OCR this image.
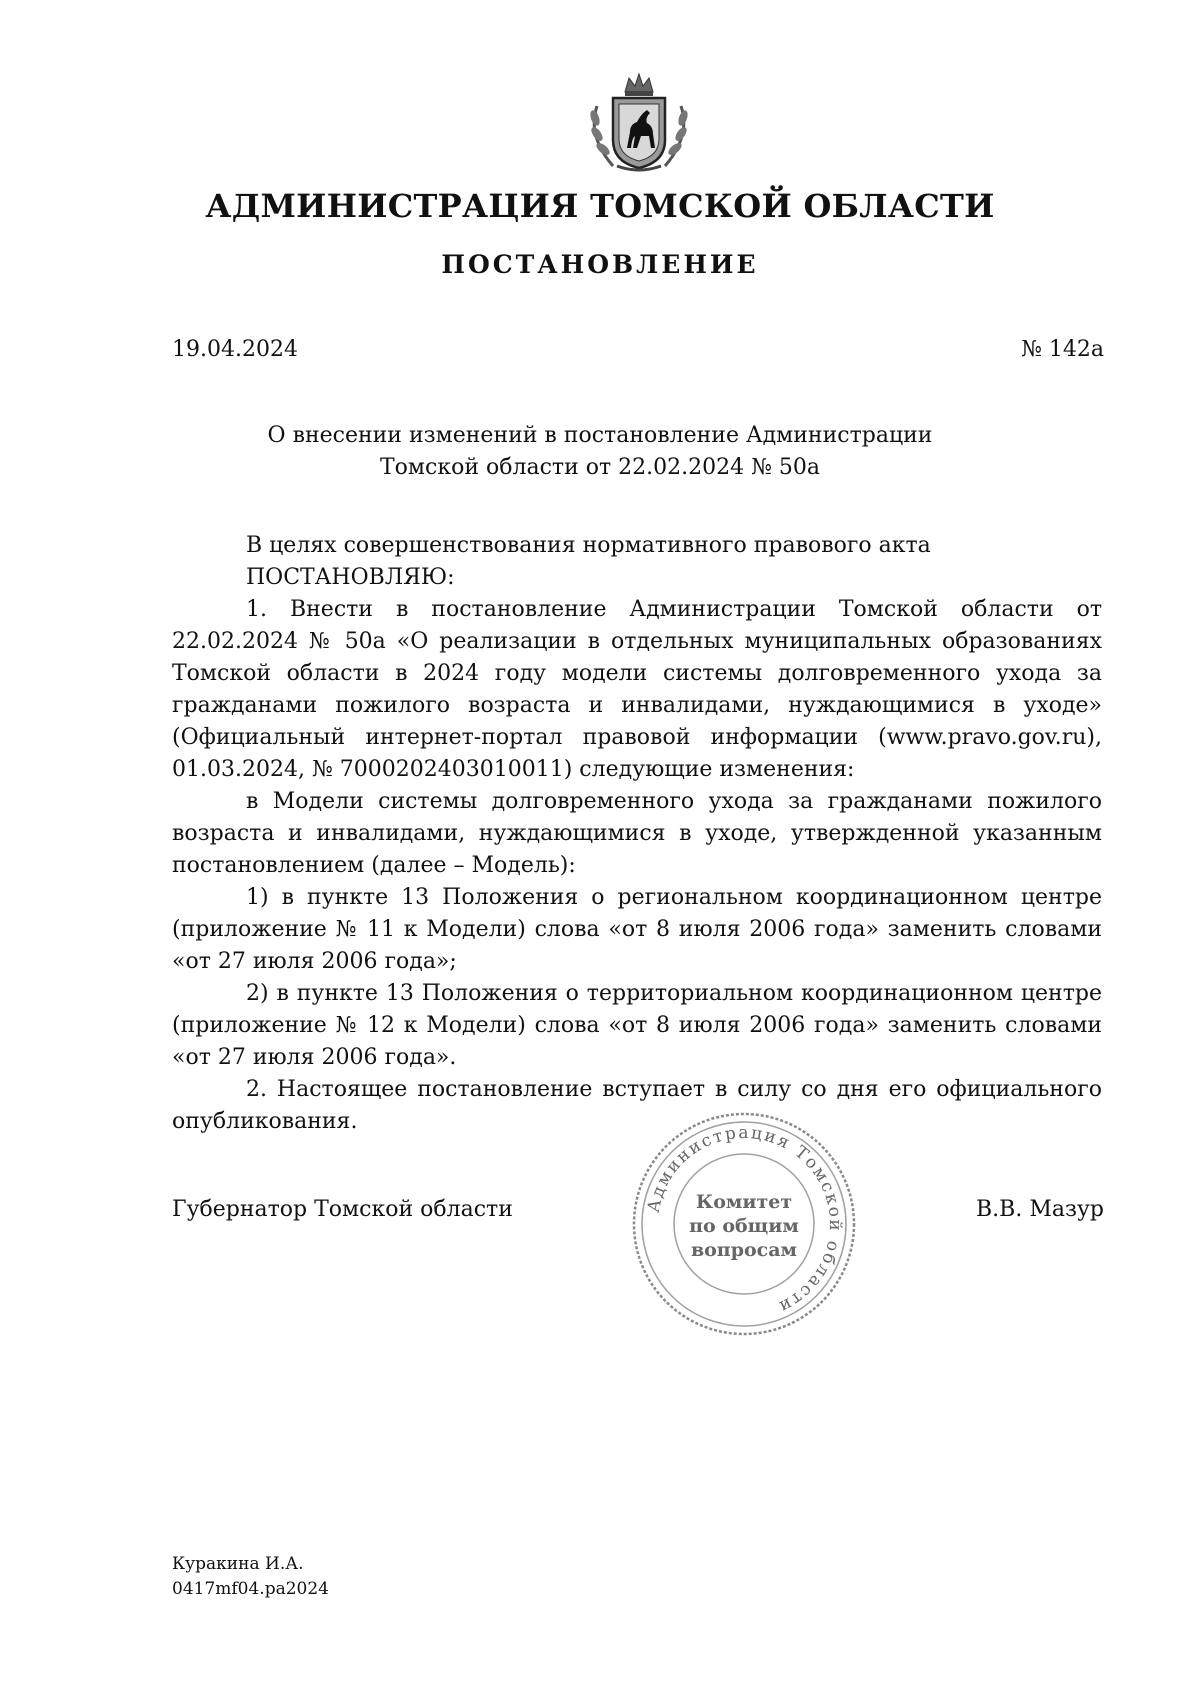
АДМИНИСТРАЦИЯ ТОМСКОЙ ОБЛАСТИ
ПОСТАНОВЛЕНИЕ
19.04.2024	№ 142а
О внесении изменений в постановление Администрации
Томской области от 22.02.2024 № 50а

В целях совершенствования нормативного правового акта

ПОСТАНОВЛЯЮ:

1. Внести в постановление Администрации Томской области от 22.02.2024 № 50а «О реализации в отдельных муниципальных образованиях Томской области в 2024 году модели системы долговременного ухода за гражданами пожилого возраста и инвалидами, нуждающимися в уходе» (Официальный интернет-портал правовой информации (www.pravo.gov.ru), 01.03.2024, № 7000202403010011) следующие изменения:

в Модели системы долговременного ухода за гражданами пожилого возраста и инвалидами, нуждающимися в уходе, утвержденной указанным постановлением (далее – Модель):

1) в пункте 13 Положения о региональном координационном центре (приложение № 11 к Модели) слова «от 8 июля 2006 года» заменить словами «от 27 июля 2006 года»;

2) в пункте 13 Положения о территориальном координационном центре (приложение № 12 к Модели) слова «от 8 июля 2006 года» заменить словами «от 27 июля 2006 года».

2. Настоящее постановление вступает в силу со дня его официального опубликования.

Губернатор Томской области	В.В. Мазур
Администрация Томской области
Комитет
по общим
вопросам
Куракина И.А.
0417mf04.pa2024
